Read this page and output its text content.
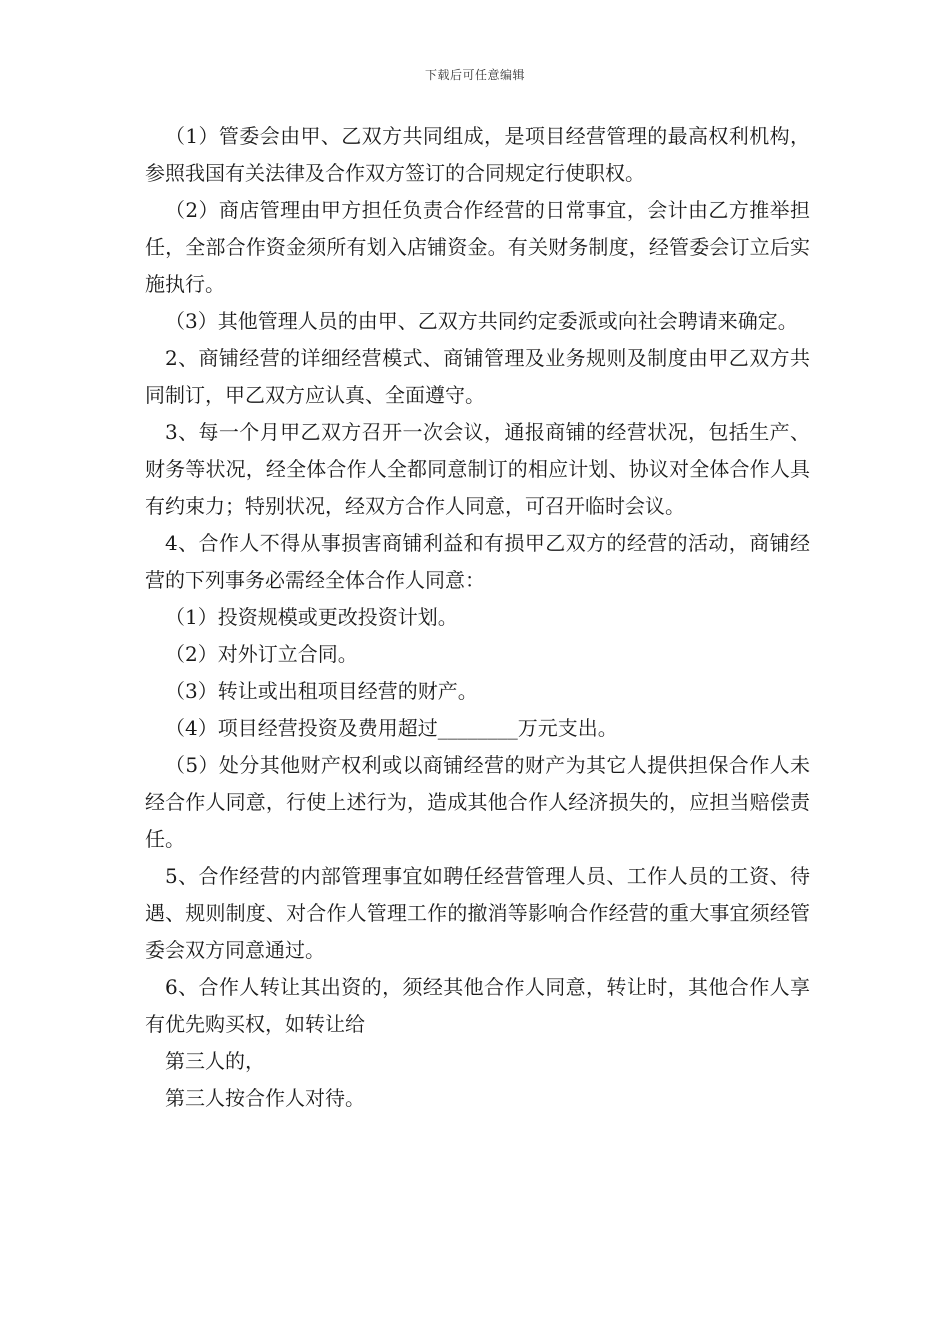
下载后可任意编辑

（1）管委会由甲、乙双方共同组成，是项目经营管理的最高权利机构，参照我国有关法律及合作双方签订的合同规定行使职权。

（2）商店管理由甲方担任负责合作经营的日常事宜，会计由乙方推举担任，全部合作资金须所有划入店铺资金。有关财务制度，经管委会订立后实施执行。

（3）其他管理人员的由甲、乙双方共同约定委派或向社会聘请来确定。

2、商铺经营的详细经营模式、商铺管理及业务规则及制度由甲乙双方共同制订，甲乙双方应认真、全面遵守。

3、每一个月甲乙双方召开一次会议，通报商铺的经营状况，包括生产、财务等状况，经全体合作人全都同意制订的相应计划、协议对全体合作人具有约束力；特别状况，经双方合作人同意，可召开临时会议。

4、合作人不得从事损害商铺利益和有损甲乙双方的经营的活动，商铺经营的下列事务必需经全体合作人同意：

（1）投资规模或更改投资计划。

（2）对外订立合同。

（3）转让或出租项目经营的财产。

（4）项目经营投资及费用超过________万元支出。

（5）处分其他财产权利或以商铺经营的财产为其它人提供担保合作人未经合作人同意，行使上述行为，造成其他合作人经济损失的，应担当赔偿责任。

5、合作经营的内部管理事宜如聘任经营管理人员、工作人员的工资、待遇、规则制度、对合作人管理工作的撤消等影响合作经营的重大事宜须经管委会双方同意通过。

6、合作人转让其出资的，须经其他合作人同意，转让时，其他合作人享有优先购买权，如转让给

第三人的，

第三人按合作人对待。
